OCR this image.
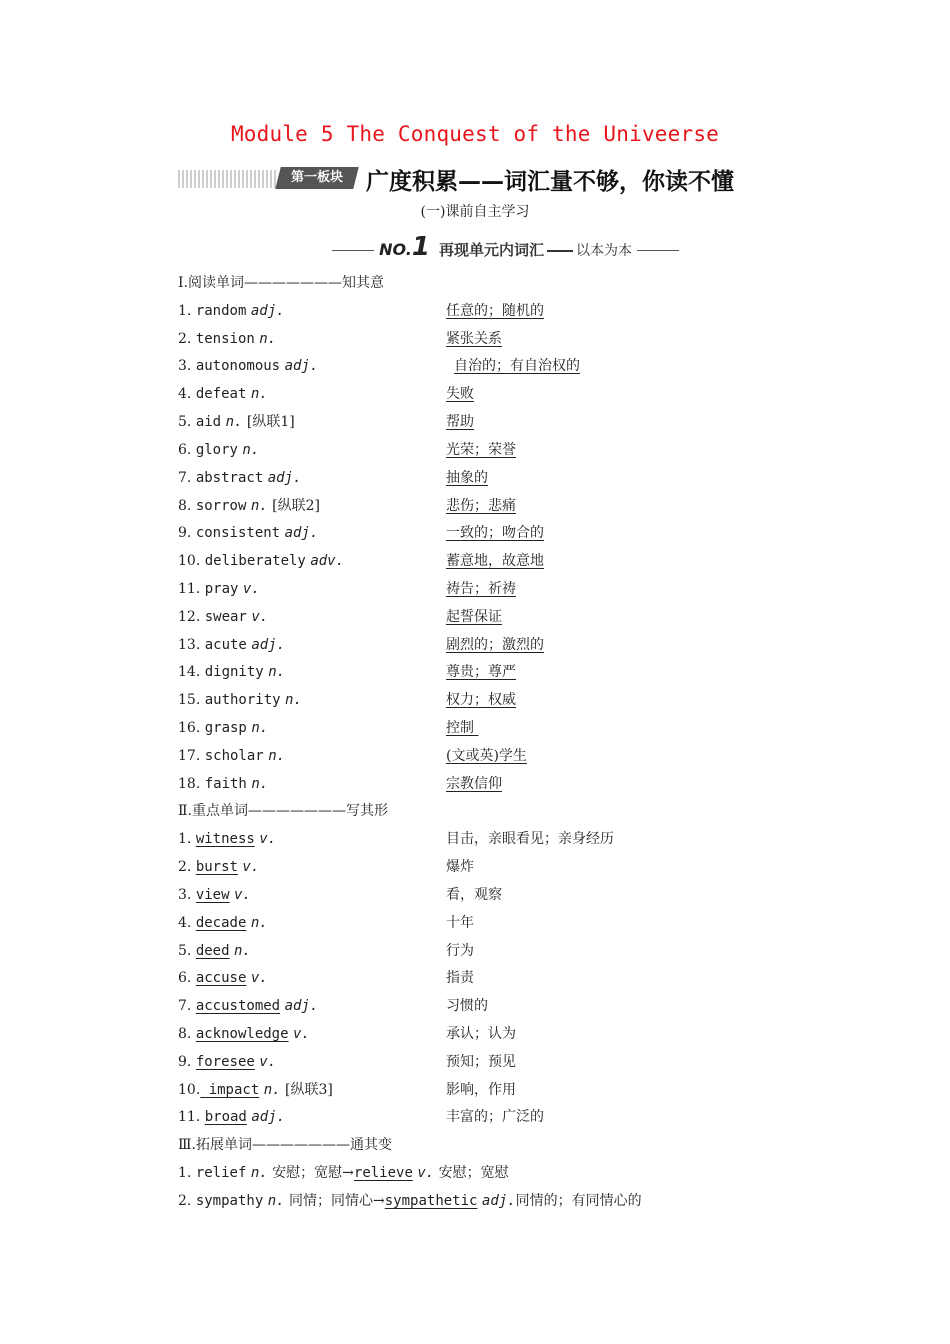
Module 5 The Conquest of the Univeerse
第一板块	广度积累——词汇量不够，你读不懂
(一)课前自主学习
NO.1 再现单元内词汇 以本为本
Ⅰ.阅读单词———————知其意
1. random adj.	任意的；随机的
2. tension n.	紧张关系
3. autonomous adj.	自治的；有自治权的
4. defeat n.	失败
5. aid n. [纵联1]	帮助
6. glory n.	光荣；荣誉
7. abstract adj.	抽象的
8. sorrow n. [纵联2]	悲伤；悲痛
9. consistent adj.	一致的；吻合的
10. deliberately adv.	蓄意地，故意地
11. pray v.	祷告；祈祷
12. swear v.	起誓保证
13. acute adj.	剧烈的；激烈的
14. dignity n.	尊贵；尊严
15. authority n.	权力；权威
16. grasp n.	控制
17. scholar n.	(文或英)学生
18. faith n.	宗教信仰
Ⅱ.重点单词———————写其形
1. witness v.	目击，亲眼看见；亲身经历
2. burst v.	爆炸
3. view v.	看，观察
4. decade n.	十年
5. deed n.	行为
6. accuse v.	指责
7. accustomed adj.	习惯的
8. acknowledge v.	承认；认为
9. foresee v.	预知；预见
10. impact n. [纵联3]	影响，作用
11. broad adj.	丰富的；广泛的
Ⅲ.拓展单词———————通其变
1. relief n. 安慰；宽慰→relieve v. 安慰；宽慰
2. sympathy n. 同情；同情心→sympathetic adj.同情的；有同情心的
